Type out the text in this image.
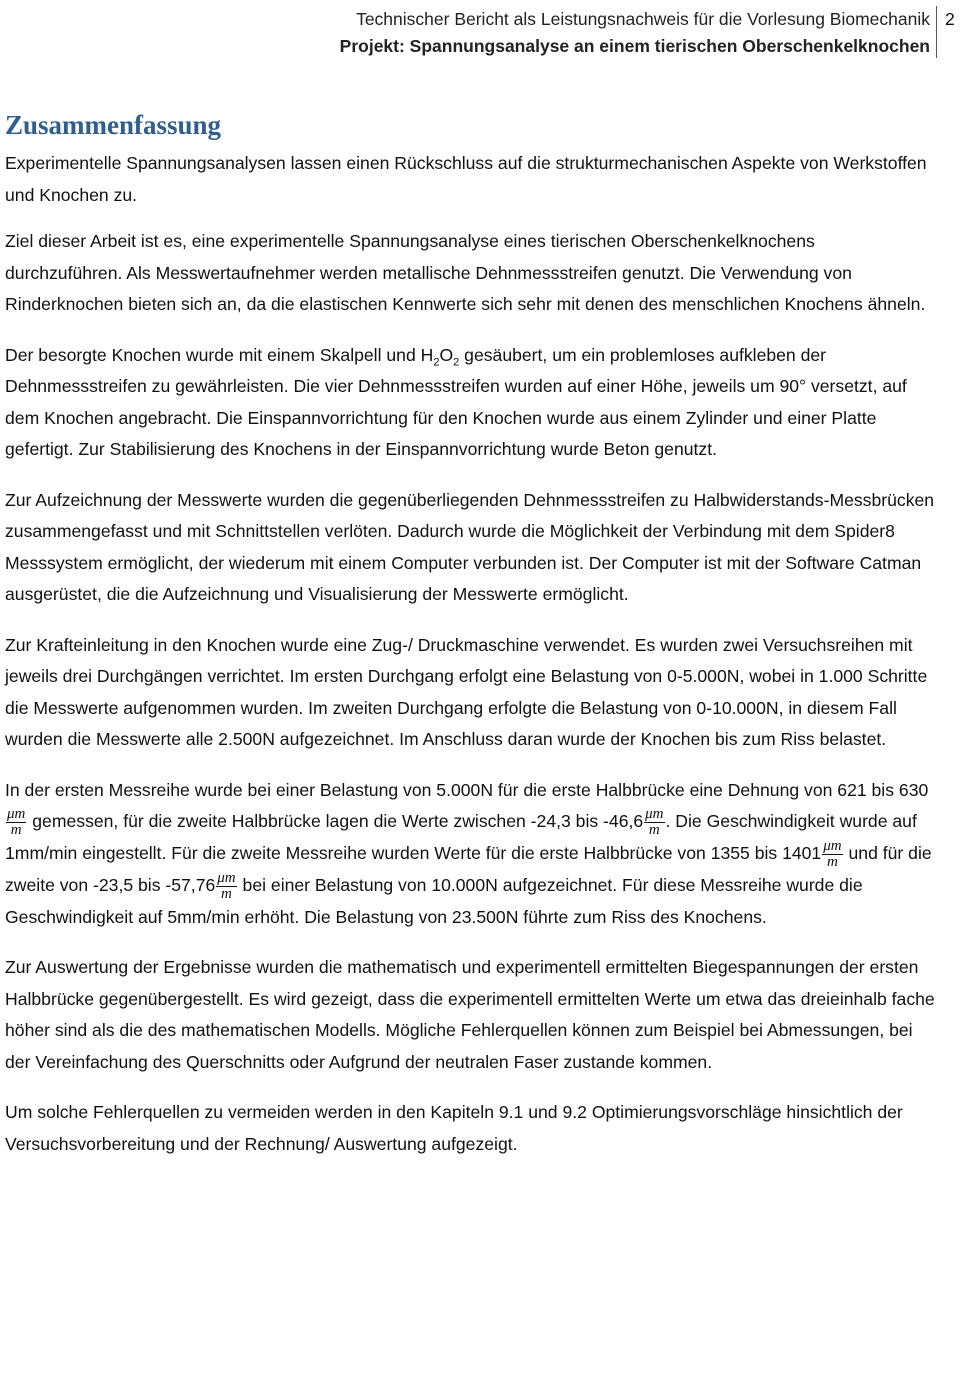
Technischer Bericht als Leistungsnachweis für die Vorlesung Biomechanik
Projekt: Spannungsanalyse an einem tierischen Oberschenkelknochen
2
Zusammenfassung

Experimentelle Spannungsanalysen lassen einen Rückschluss auf die strukturmechanischen Aspekte von Werkstoffen und Knochen zu.

Ziel dieser Arbeit ist es, eine experimentelle Spannungsanalyse eines tierischen Oberschenkelknochens durchzuführen. Als Messwertaufnehmer werden metallische Dehnmessstreifen genutzt. Die Verwendung von Rinderknochen bieten sich an, da die elastischen Kennwerte sich sehr mit denen des menschlichen Knochens ähneln.

Der besorgte Knochen wurde mit einem Skalpell und $H_2O_2$ gesäubert, um ein problemloses aufkleben der Dehnmessstreifen zu gewährleisten. Die vier Dehnmessstreifen wurden auf einer Höhe, jeweils um 90° versetzt, auf dem Knochen angebracht. Die Einspannvorrichtung für den Knochen wurde aus einem Zylinder und einer Platte gefertigt. Zur Stabilisierung des Knochens in der Einspannvorrichtung wurde Beton genutzt.

Zur Aufzeichnung der Messwerte wurden die gegenüberliegenden Dehnmessstreifen zu Halbwiderstands-Messbrücken zusammengefasst und mit Schnittstellen verlöten. Dadurch wurde die Möglichkeit der Verbindung mit dem Spider8 Messsystem ermöglicht, der wiederum mit einem Computer verbunden ist. Der Computer ist mit der Software Catman ausgerüstet, die die Aufzeichnung und Visualisierung der Messwerte ermöglicht.

Zur Krafteinleitung in den Knochen wurde eine Zug-/ Druckmaschine verwendet. Es wurden zwei Versuchsreihen mit jeweils drei Durchgängen verrichtet. Im ersten Durchgang erfolgt eine Belastung von 0-5.000N, wobei in 1.000 Schritte die Messwerte aufgenommen wurden. Im zweiten Durchgang erfolgte die Belastung von 0-10.000N, in diesem Fall wurden die Messwerte alle 2.500N aufgezeichnet. Im Anschluss daran wurde der Knochen bis zum Riss belastet.

In der ersten Messreihe wurde bei einer Belastung von 5.000N für die erste Halbbrücke eine Dehnung von 621 bis 630
$\frac{\mu m}{m}$ gemessen, für die zweite Halbbrücke lagen die Werte zwischen -24,3 bis $-46,6 \frac{\mu m}{m}$ . Die Geschwindigkeit wurde auf 1mm/min eingestellt. Für die zweite Messreihe wurden Werte für die erste Halbbrücke von 1355 bis $1401 \frac{\mu m}{m}$ und für die zweite von -23,5 bis $-57,76 \frac{\mu m}{m}$ bei einer Belastung von 10.000N aufgezeichnet. Für diese Messreihe wurde die Geschwindigkeit auf 5mm/min erhöht. Die Belastung von 23.500N führte zum Riss des Knochens.

Zur Auswertung der Ergebnisse wurden die mathematisch und experimentell ermittelten Biegespannungen der ersten Halbbrücke gegenübergestellt. Es wird gezeigt, dass die experimentell ermittelten Werte um etwa das dreieinhalb fache höher sind als die des mathematischen Modells. Mögliche Fehlerquellen können zum Beispiel bei Abmessungen, bei der Vereinfachung des Querschnitts oder Aufgrund der neutralen Faser zustande kommen.

Um solche Fehlerquellen zu vermeiden werden in den Kapiteln 9.1 und 9.2 Optimierungsvorschläge hinsichtlich der Versuchsvorbereitung und der Rechnung/ Auswertung aufgezeigt.
